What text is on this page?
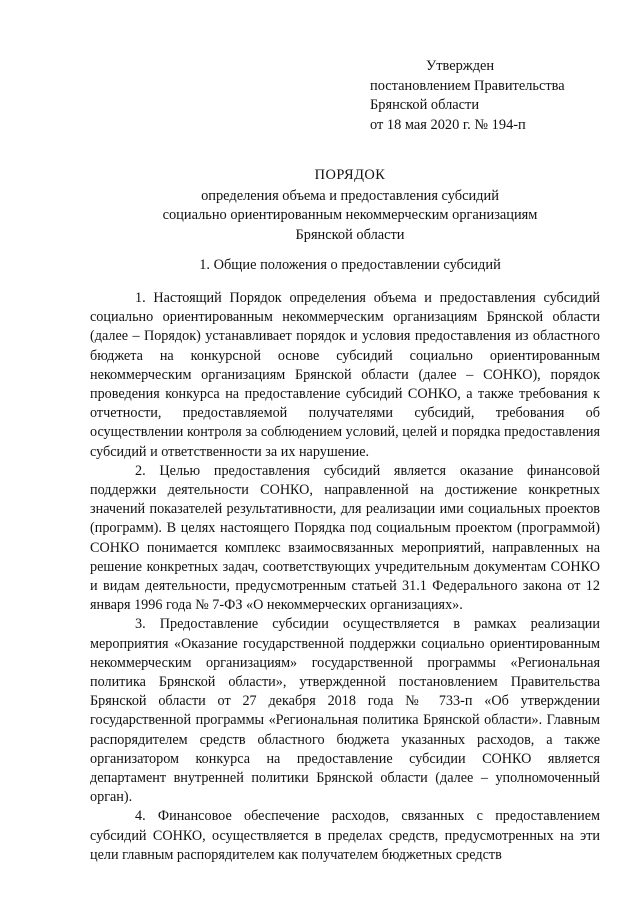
Утвержден
постановлением Правительства
Брянской области
от 18 мая 2020 г. № 194-п
ПОРЯДОК
определения объема и предоставления субсидий
социально ориентированным некоммерческим организациям
Брянской области
1. Общие положения о предоставлении субсидий

1. Настоящий Порядок определения объема и предоставления субсидий социально ориентированным некоммерческим организациям Брянской области (далее – Порядок) устанавливает порядок и условия предоставления из областного бюджета на конкурсной основе субсидий социально ориентированным некоммерческим организациям Брянской области (далее – СОНКО), порядок проведения конкурса на предоставление субсидий СОНКО, а также требования к отчетности, предоставляемой получателями субсидий, требования об осуществлении контроля за соблюдением условий, целей и порядка предоставления субсидий и ответственности за их нарушение.

2. Целью предоставления субсидий является оказание финансовой поддержки деятельности СОНКО, направленной на достижение конкретных значений показателей результативности, для реализации ими социальных проектов (программ). В целях настоящего Порядка под социальным проектом (программой) СОНКО понимается комплекс взаимосвязанных мероприятий, направленных на решение конкретных задач, соответствующих учредительным документам СОНКО и видам деятельности, предусмотренным статьей 31.1 Федерального закона от 12 января 1996 года № 7-ФЗ «О некоммерческих организациях».

3. Предоставление субсидии осуществляется в рамках реализации мероприятия «Оказание государственной поддержки социально ориентированным некоммерческим организациям» государственной программы «Региональная политика Брянской области», утвержденной постановлением Правительства Брянской области от 27 декабря 2018 года № 733-п «Об утверждении государственной программы «Региональная политика Брянской области». Главным распорядителем средств областного бюджета указанных расходов, а также организатором конкурса на предоставление субсидии СОНКО является департамент внутренней политики Брянской области (далее – уполномоченный орган).

4. Финансовое обеспечение расходов, связанных с предоставлением субсидий СОНКО, осуществляется в пределах средств, предусмотренных на эти цели главным распорядителем как получателем бюджетных средств
